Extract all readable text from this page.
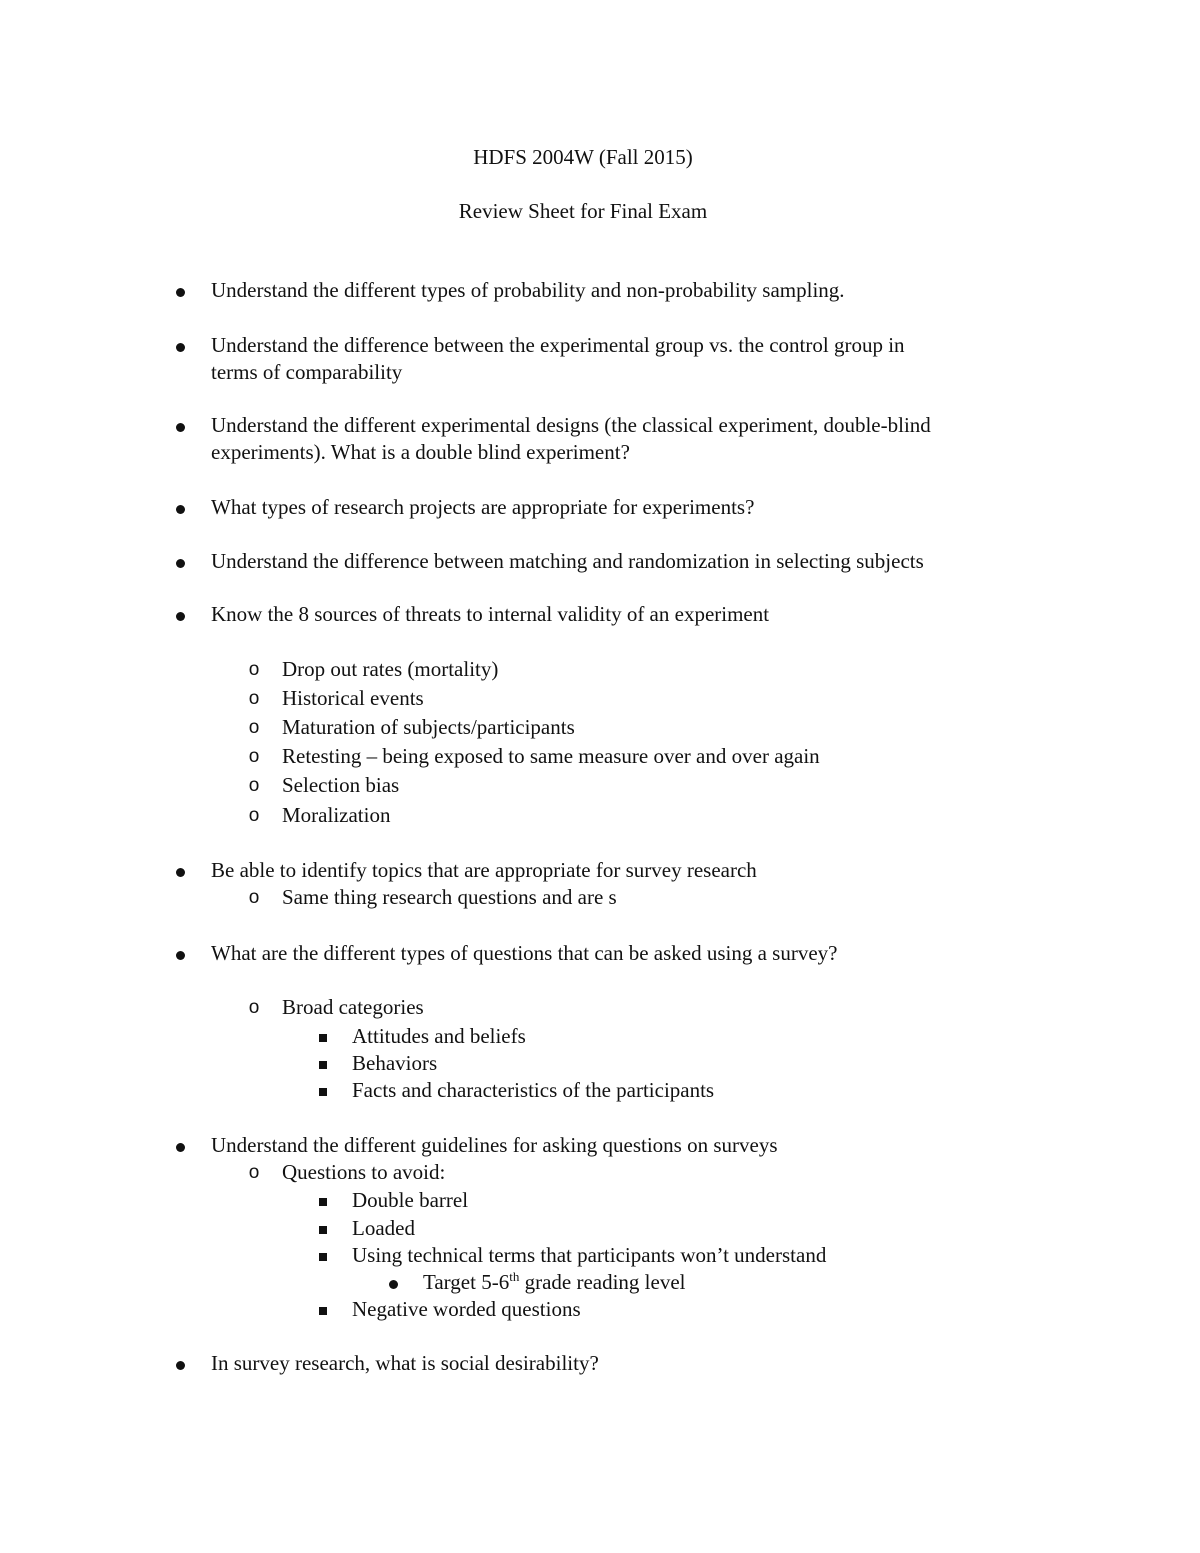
HDFS 2004W (Fall 2015)
Review Sheet for Final Exam
Understand the different types of probability and non-probability sampling.
Understand the difference between the experimental group vs. the control group in
terms of comparability
Understand the different experimental designs (the classical experiment, double-blind
experiments). What is a double blind experiment?
What types of research projects are appropriate for experiments?
Understand the difference between matching and randomization in selecting subjects
Know the 8 sources of threats to internal validity of an experiment
o Drop out rates (mortality)
o Historical events
o Maturation of subjects/participants
o Retesting – being exposed to same measure over and over again
o Selection bias
o Moralization
Be able to identify topics that are appropriate for survey research
o Same thing research questions and are s
What are the different types of questions that can be asked using a survey?
o Broad categories
Attitudes and beliefs
Behaviors
Facts and characteristics of the participants
Understand the different guidelines for asking questions on surveys
o Questions to avoid:
Double barrel
Loaded
Using technical terms that participants won’t understand
Target 5-6th grade reading level
Negative worded questions
In survey research, what is social desirability?
